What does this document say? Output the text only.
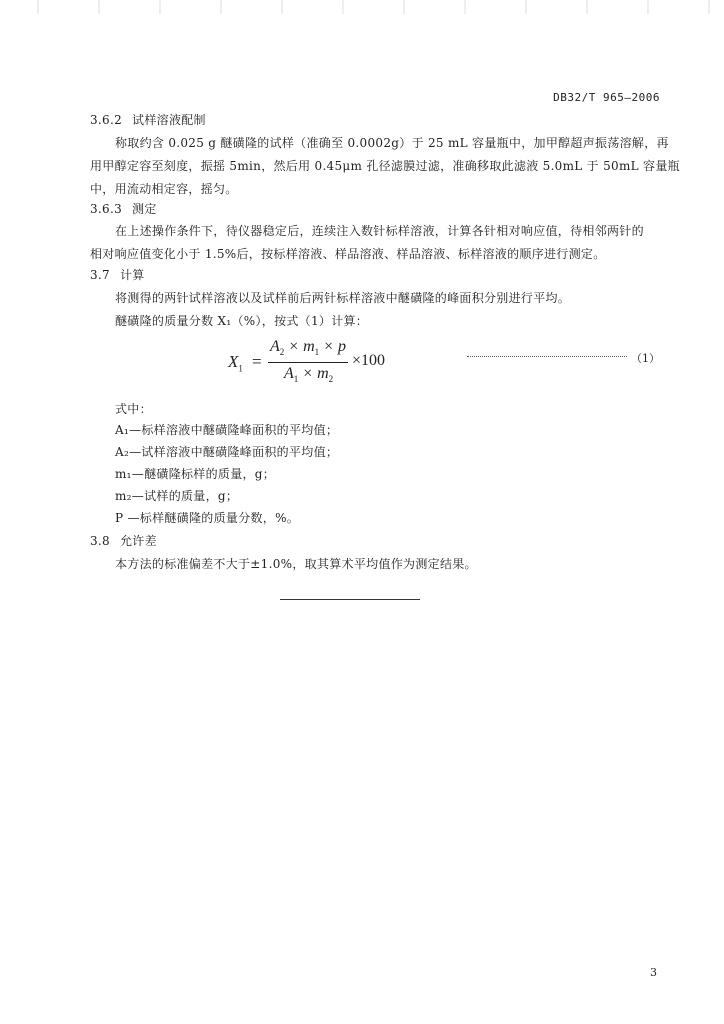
DB32/T 965—2006
3.6.2 试样溶液配制
称取约含 0.025 g 醚磺隆的试样（准确至 0.0002g）于 25 mL 容量瓶中，加甲醇超声振荡溶解，再
用甲醇定容至刻度，振摇 5min，然后用 0.45μm 孔径滤膜过滤，准确移取此滤液 5.0mL 于 50mL 容量瓶
中，用流动相定容，摇匀。
3.6.3 测定
在上述操作条件下，待仪器稳定后，连续注入数针标样溶液，计算各针相对响应值，待相邻两针的
相对响应值变化小于 1.5%后，按标样溶液、样品溶液、样品溶液、标样溶液的顺序进行测定。
3.7 计算
将测得的两针试样溶液以及试样前后两针标样溶液中醚磺隆的峰面积分别进行平均。
醚磺隆的质量分数 X₁（%），按式（1）计算：
$X_1$ =
$A_2 \times m_1 \times p$
$A_1 \times m_2$
×100	（1）
式中：
A₁—标样溶液中醚磺隆峰面积的平均值；
A₂—试样溶液中醚磺隆峰面积的平均值；
m₁—醚磺隆标样的质量，g；
m₂—试样的质量，g；
P —标样醚磺隆的质量分数，%。
3.8 允许差
本方法的标准偏差不大于±1.0%，取其算术平均值作为测定结果。
3
